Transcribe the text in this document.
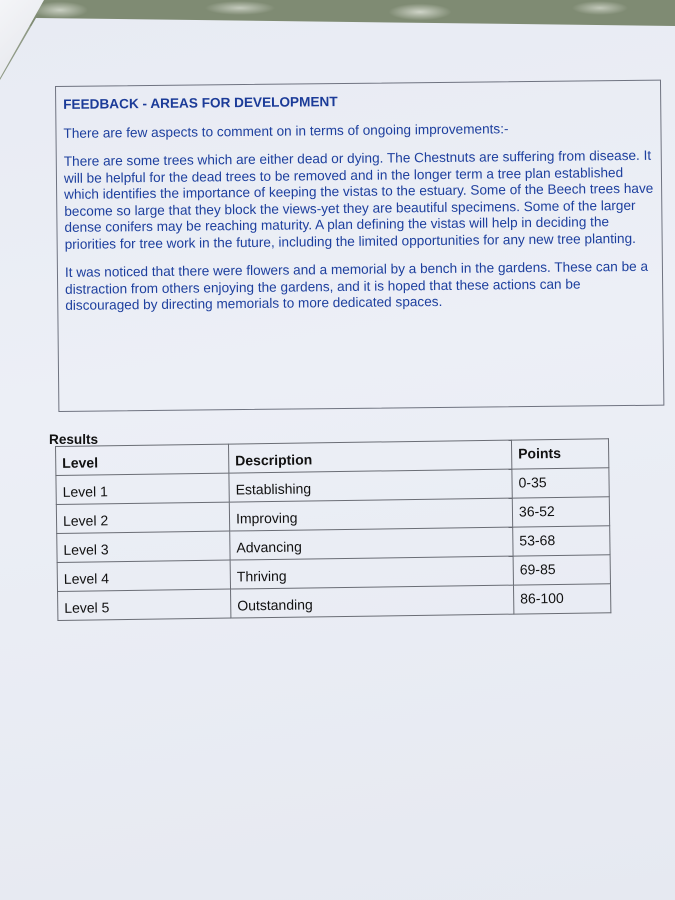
FEEDBACK - AREAS FOR DEVELOPMENT

There are few aspects to comment on in terms of ongoing improvements:-

There are some trees which are either dead or dying. The Chestnuts are suffering from disease. It will be helpful for the dead trees to be removed and in the longer term a tree plan established which identifies the importance of keeping the vistas to the estuary. Some of the Beech trees have become so large that they block the views-yet they are beautiful specimens. Some of the larger dense conifers may be reaching maturity. A plan defining the vistas will help in deciding the priorities for tree work in the future, including the limited opportunities for any new tree planting.

It was noticed that there were flowers and a memorial by a bench in the gardens. These can be a distraction from others enjoying the gardens, and it is hoped that these actions can be discouraged by directing memorials to more dedicated spaces.

Results
Level	Description	Points
Level 1	Establishing	0-35
Level 2	Improving	36-52
Level 3	Advancing	53-68
Level 4	Thriving	69-85
Level 5	Outstanding	86-100
